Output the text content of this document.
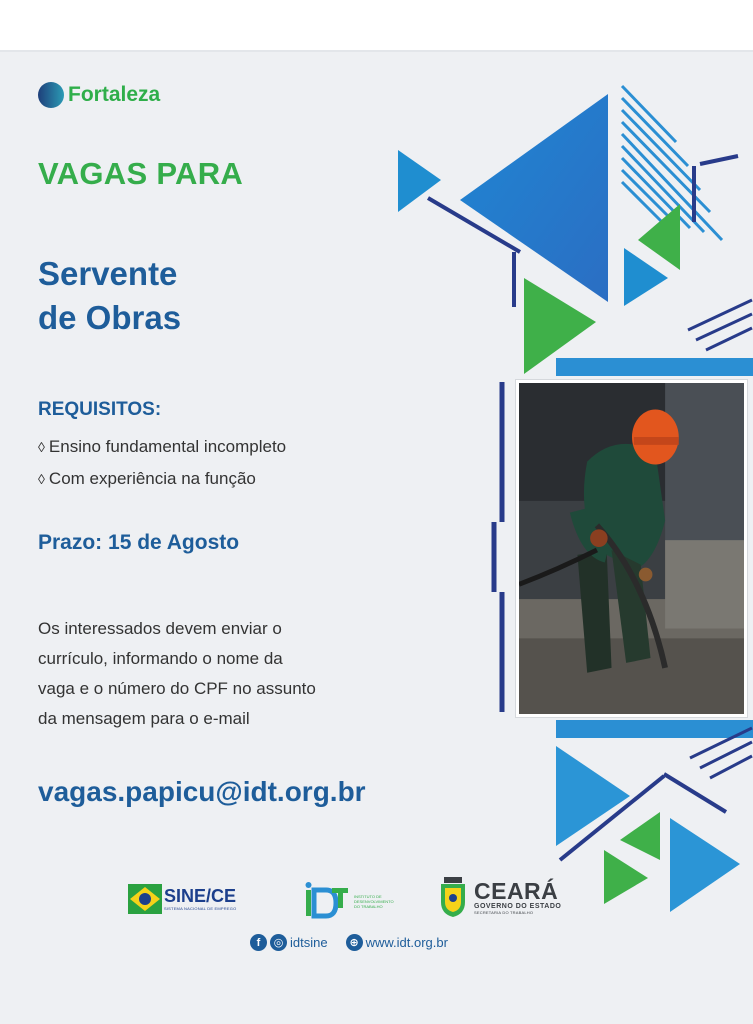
Fortaleza
VAGAS PARA
Servente
de Obras
REQUISITOS:
◊ Ensino fundamental incompleto
◊ Com experiência na função
Prazo: 15 de Agosto
Os interessados devem enviar o
currículo, informando o nome da
vaga e o número do CPF no assunto
da mensagem para o e-mail
vagas.papicu@idt.org.br
SINE/CE
SISTEMA NACIONAL DE EMPREGO
INSTITUTO DE DESENVOLVIMENTO DO TRABALHO
CEARÁ
GOVERNO DO ESTADO
SECRETARIA DO TRABALHO
f	◎ idtsine	⊕ www.idt.org.br
